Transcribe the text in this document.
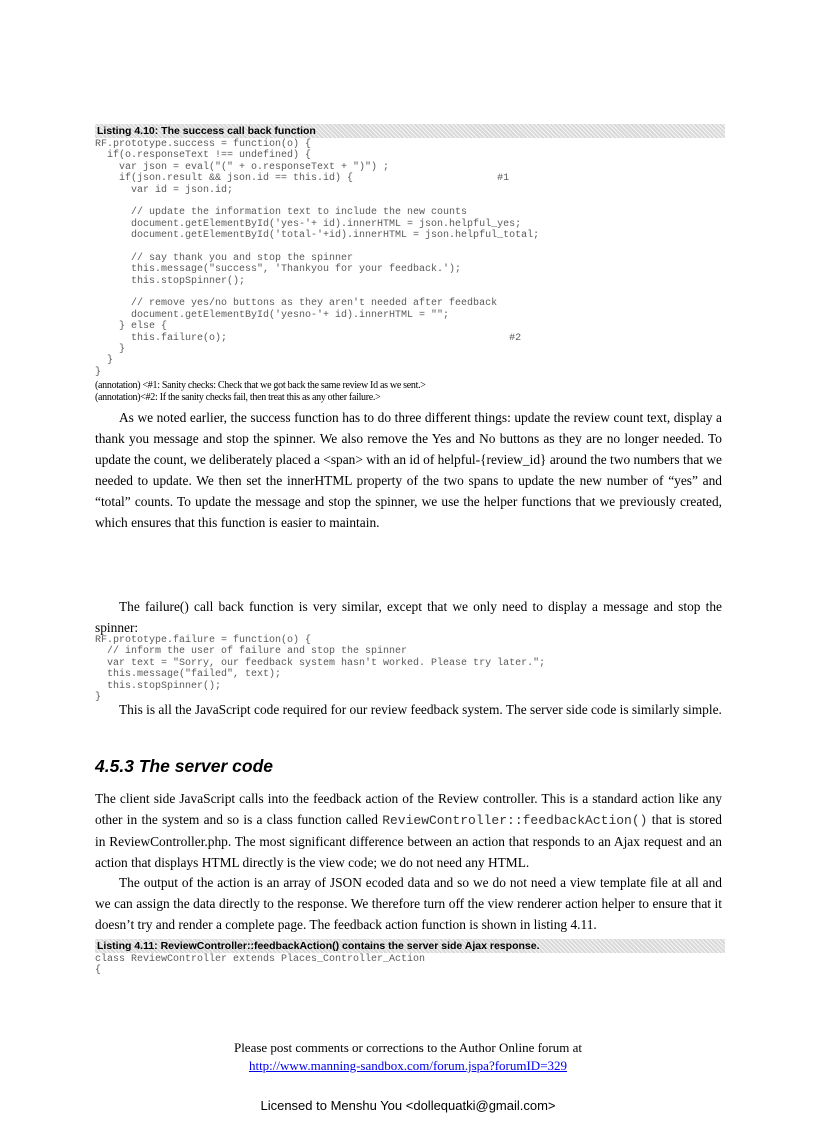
Listing 4.10: The success call back function
RF.prototype.success = function(o) {
if(o.responseText !== undefined) {
var json = eval("(" + o.responseText + ")") ;
if(json.result && json.id == this.id) {                        #1
var id = json.id;
// update the information text to include the new counts
document.getElementById('yes-'+ id).innerHTML = json.helpful_yes;
document.getElementById('total-'+id).innerHTML = json.helpful_total;
// say thank you and stop the spinner
this.message("success", 'Thankyou for your feedback.');
this.stopSpinner();
// remove yes/no buttons as they aren't needed after feedback
document.getElementById('yesno-'+ id).innerHTML = "";
} else {
this.failure(o);                                               #2
}
}
}
(annotation) <#1: Sanity checks: Check that we got back the same review Id as we sent.>
(annotation)<#2: If the sanity checks fail, then treat this as any other failure.>

As we noted earlier, the success function has to do three different things: update the review count text, display a thank you message and stop the spinner. We also remove the Yes and No buttons as they are no longer needed. To update the count, we deliberately placed a <span> with an id of helpful-{review_id} around the two numbers that we needed to update. We then set the innerHTML property of the two spans to update the new number of “yes” and “total” counts. To update the message and stop the spinner, we use the helper functions that we previously created, which ensures that this function is easier to maintain.

The failure() call back function is very similar, except that we only need to display a message and stop the spinner:

RF.prototype.failure = function(o) {
// inform the user of failure and stop the spinner
var text = "Sorry, our feedback system hasn't worked. Please try later.";
this.message("failed", text);
this.stopSpinner();
}

This is all the JavaScript code required for our review feedback system. The server side code is similarly simple.

4.5.3 The server code

The client side JavaScript calls into the feedback action of the Review controller. This is a standard action like any other in the system and so is a class function called ReviewController::feedbackAction() that is stored in ReviewController.php. The most significant difference between an action that responds to an Ajax request and an action that displays HTML directly is the view code; we do not need any HTML.

The output of the action is an array of JSON ecoded data and so we do not need a view template file at all and we can assign the data directly to the response. We therefore turn off the view renderer action helper to ensure that it doesn’t try and render a complete page. The feedback action function is shown in listing 4.11.

Listing 4.11: ReviewController::feedbackAction() contains the server side Ajax response.
class ReviewController extends Places_Controller_Action
{
Please post comments or corrections to the Author Online forum at
http://www.manning-sandbox.com/forum.jspa?forumID=329
Licensed to Menshu You <dollequatki@gmail.com>
